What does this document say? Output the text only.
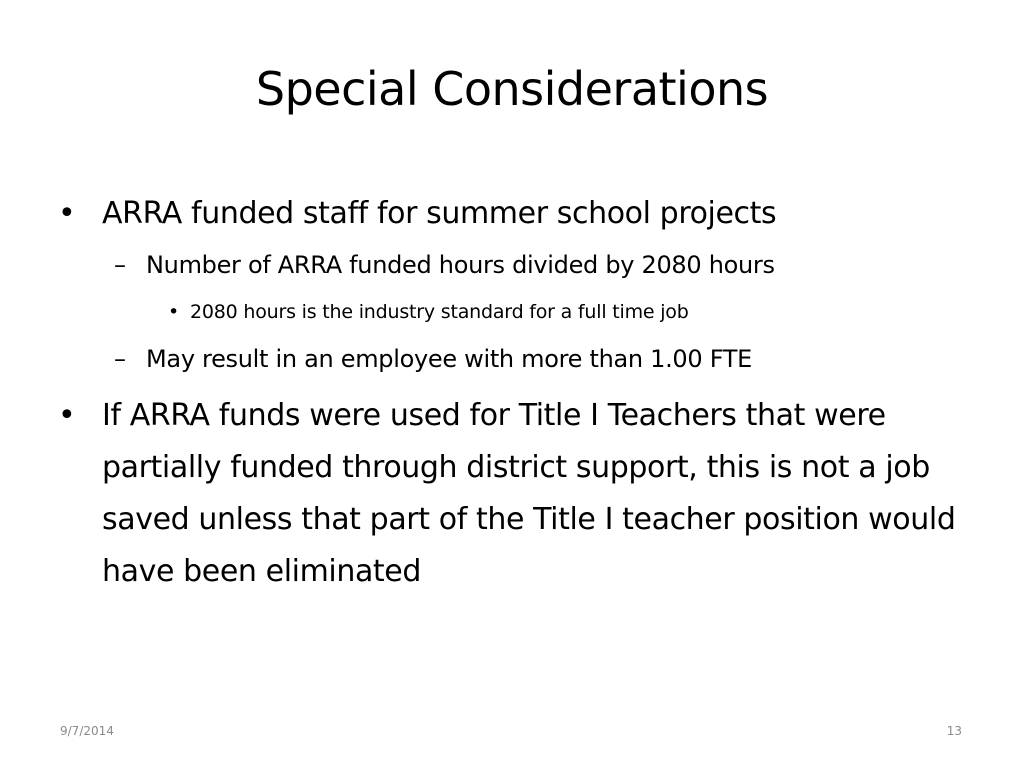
Special Considerations
• ARRA funded staff for summer school projects
– Number of ARRA funded hours divided by 2080 hours
• 2080 hours is the industry standard for a full time job
– May result in an employee with more than 1.00 FTE
• If ARRA funds were used for Title I Teachers that were partially funded through district support, this is not a job saved unless that part of the Title I teacher position would have been eliminated
9/7/2014	13
